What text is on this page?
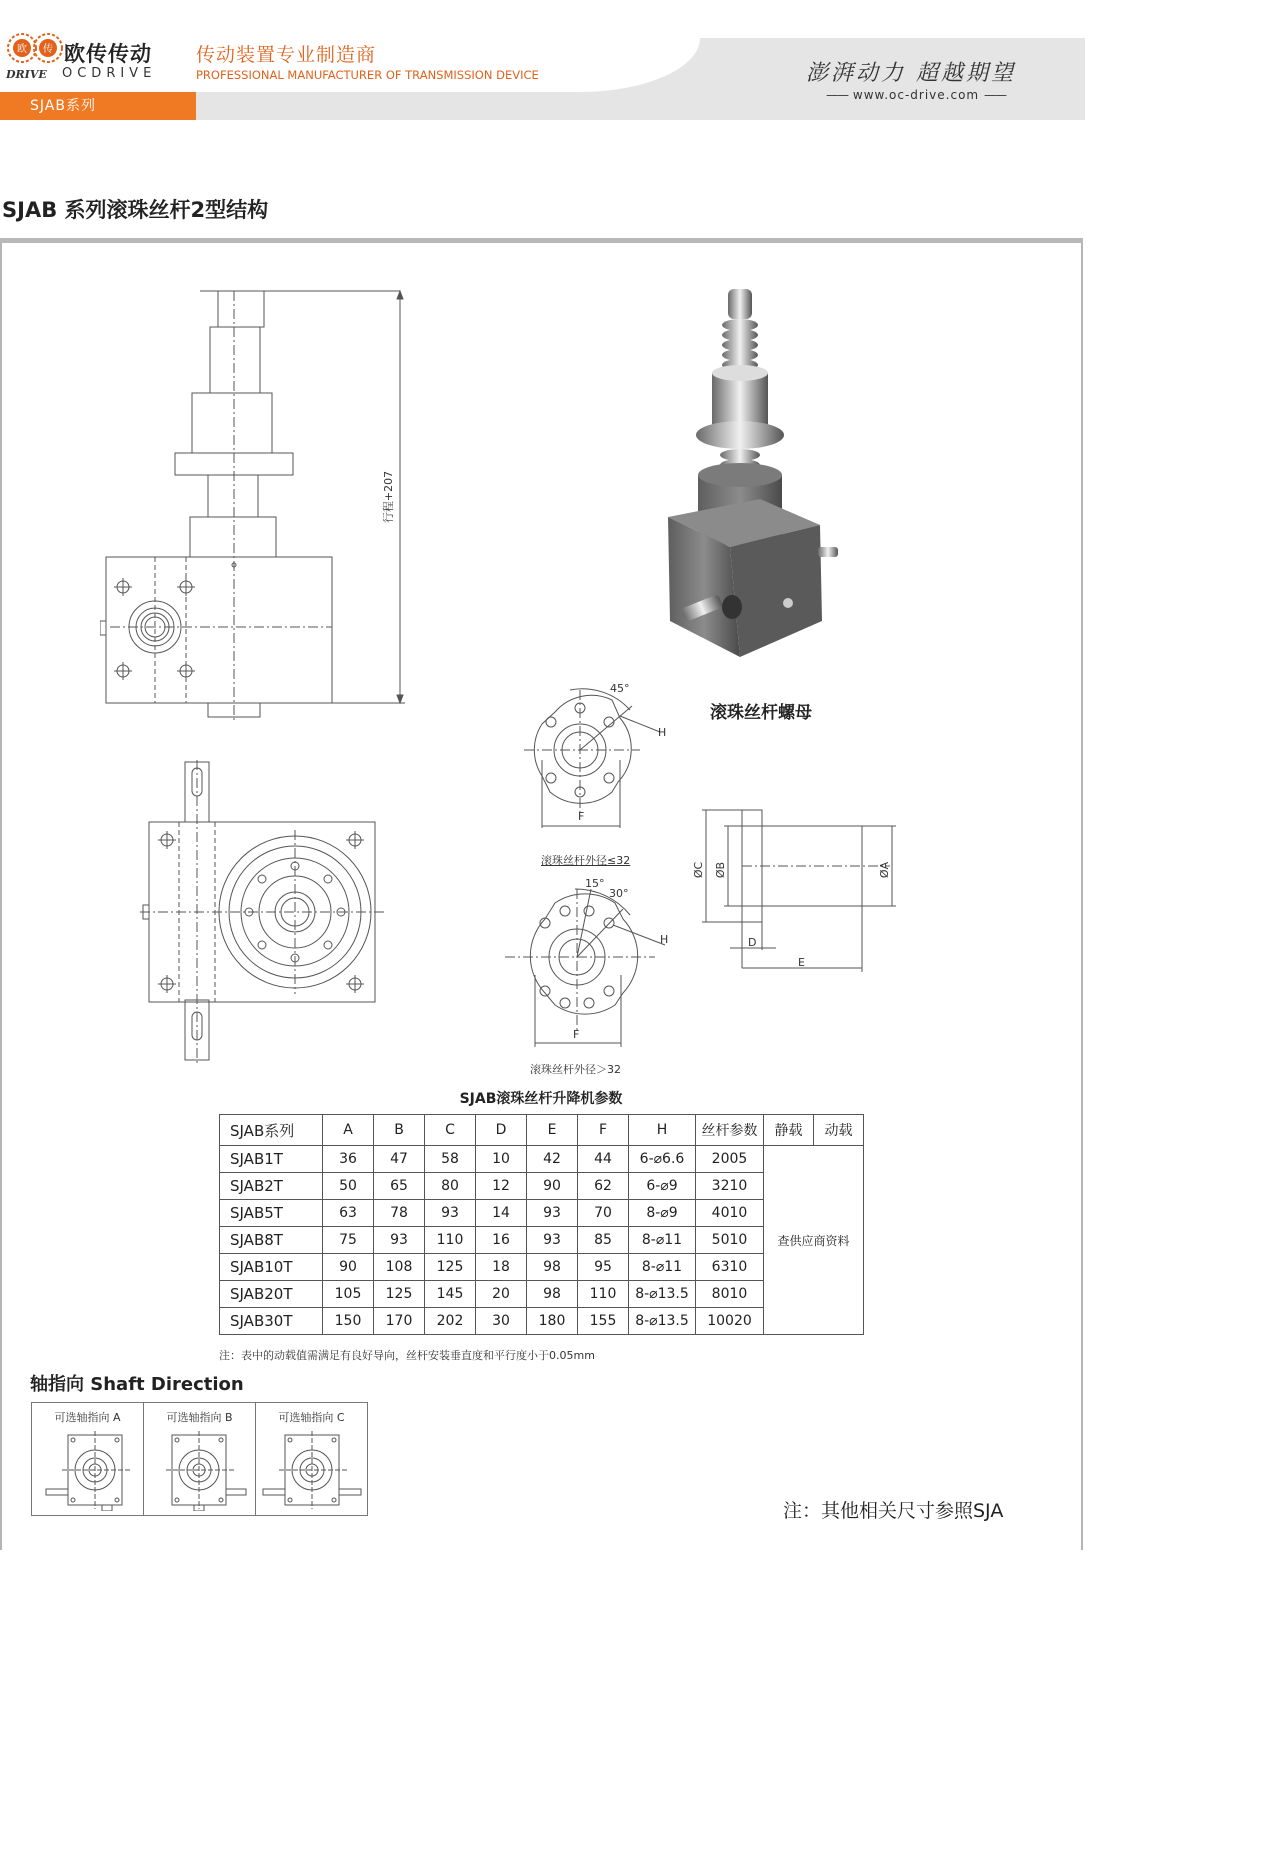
SJAB系列
欧 传 欧传传动
DRIVE OCDRIVE
传动装置专业制造商
PROFESSIONAL MANUFACTURER OF TRANSMISSION DEVICE	澎湃动力 超越期望
—— www.oc-drive.com ——
SJAB 系列滚珠丝杆2型结构
行程+207
滚珠丝杆螺母
45°
H
F
滚珠丝杆外径≤32
15°
30°
H
F
滚珠丝杆外径＞32
ØC ØB	ØA
D
E
SJAB滚珠丝杆升降机参数
SJAB系列	A	B	C	D	E	F	H	丝杆参数	静载	动载
SJAB1T	36	47	58	10	42	44	6-⌀6.6	2005	查供应商资料	
SJAB2T	50	65	80	12	90	62	6-⌀9	3210		
SJAB5T	63	78	93	14	93	70	8-⌀9	4010		
SJAB8T	75	93	110	16	93	85	8-⌀11	5010		
SJAB10T	90	108	125	18	98	95	8-⌀11	6310		
SJAB20T	105	125	145	20	98	110	8-⌀13.5	8010		
SJAB30T	150	170	202	30	180	155	8-⌀13.5	10020		
注：表中的动载值需满足有良好导向，丝杆安装垂直度和平行度小于0.05mm
轴指向 Shaft Direction
可选轴指向 A	可选轴指向 B	可选轴指向 C
注：其他相关尺寸参照SJA
